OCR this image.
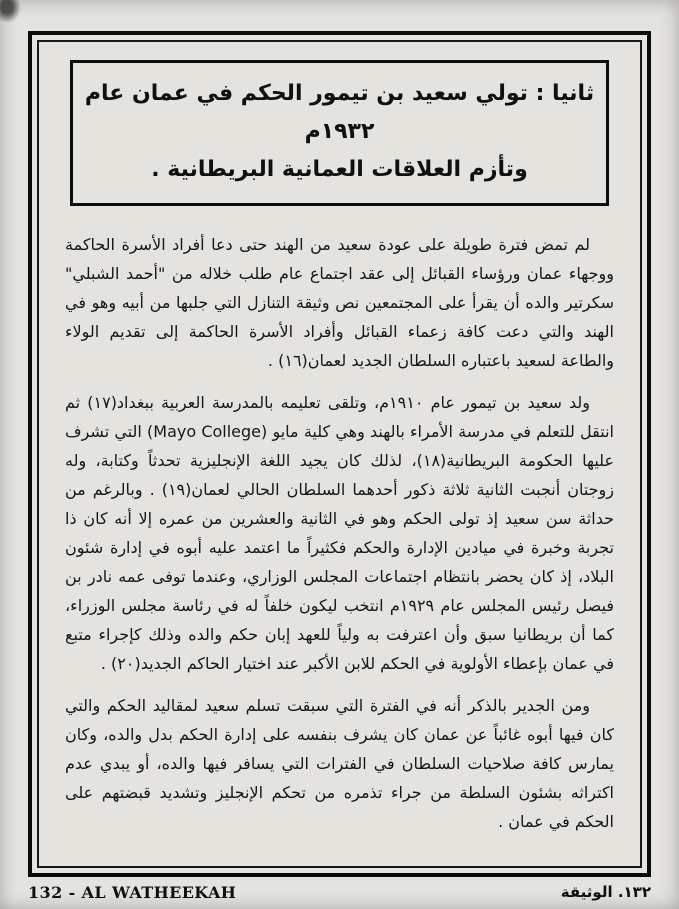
ثانيا : تولي سعيد بن تيمور الحكم في عمان عام ١٩٣٢م
وتأزم العلاقات العمانية البريطانية .

لم تمض فترة طويلة على عودة سعيد من الهند حتى دعا أفراد الأسرة الحاكمة ووجهاء عمان ورؤساء القبائل إلى عقد اجتماع عام طلب خلاله من "أحمد الشبلي" سكرتير والده أن يقرأ على المجتمعين نص وثيقة التنازل التي جلبها من أبيه وهو في الهند والتي دعت كافة زعماء القبائل وأفراد الأسرة الحاكمة إلى تقديم الولاء والطاعة لسعيد باعتباره السلطان الجديد لعمان(١٦) .

ولد سعيد بن تيمور عام ١٩١٠م، وتلقى تعليمه بالمدرسة العربية ببغداد(١٧) ثم انتقل للتعلم في مدرسة الأمراء بالهند وهي كلية مايو (Mayo College) التي تشرف عليها الحكومة البريطانية(١٨)، لذلك كان يجيد اللغة الإنجليزية تحدثاً وكتابة، وله زوجتان أنجبت الثانية ثلاثة ذكور أحدهما السلطان الحالي لعمان(١٩) . وبالرغم من حداثة سن سعيد إذ تولى الحكم وهو في الثانية والعشرين من عمره إلا أنه كان ذا تجربة وخبرة في ميادين الإدارة والحكم فكثيراً ما اعتمد عليه أبوه في إدارة شئون البلاد، إذ كان يحضر بانتظام اجتماعات المجلس الوزاري، وعندما توفى عمه نادر بن فيصل رئيس المجلس عام ١٩٢٩م انتخب ليكون خلفاً له في رئاسة مجلس الوزراء، كما أن بريطانيا سبق وأن اعترفت به ولياً للعهد إبان حكم والده وذلك كإجراء متبع في عمان بإعطاء الأولوية في الحكم للابن الأكبر عند اختيار الحاكم الجديد(٢٠) .

ومن الجدير بالذكر أنه في الفترة التي سبقت تسلم سعيد لمقاليد الحكم والتي كان فيها أبوه غائباً عن عمان كان يشرف بنفسه على إدارة الحكم بدل والده، وكان يمارس كافة صلاحيات السلطان في الفترات التي يسافر فيها والده، أو يبدي عدم اكتراثه بشئون السلطة من جراء تذمره من تحكم الإنجليز وتشديد قبضتهم على الحكم في عمان .

132 - AL WATHEEKAH	١٣٢. الوثيقة
